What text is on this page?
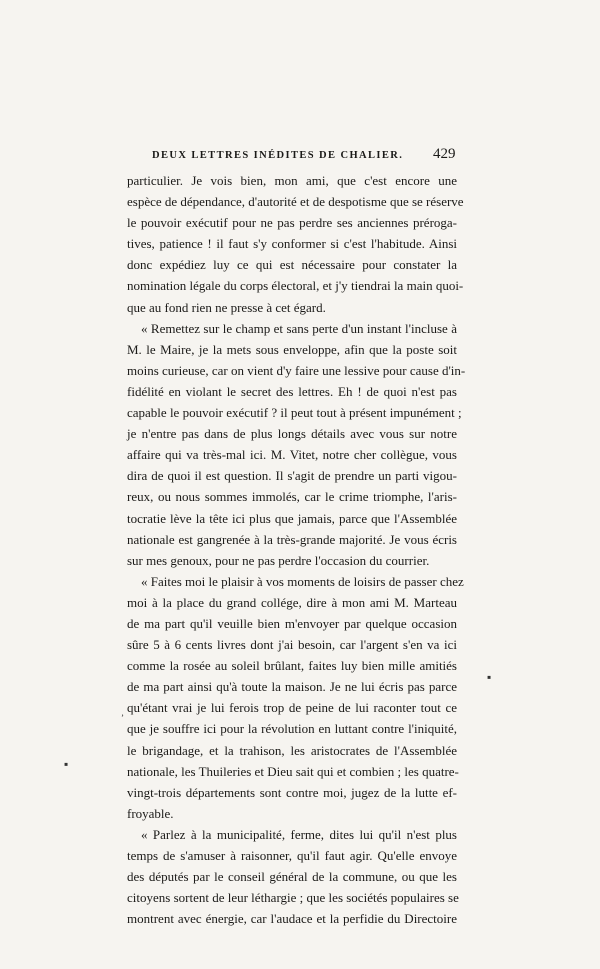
DEUX LETTRES INÉDITES DE CHALIER. 429
particulier. Je vois bien, mon ami, que c'est encore une
espèce de dépendance, d'autorité et de despotisme que se réserve
le pouvoir exécutif pour ne pas perdre ses anciennes préroga-
tives, patience ! il faut s'y conformer si c'est l'habitude. Ainsi
donc expédiez luy ce qui est nécessaire pour constater la
nomination légale du corps électoral, et j'y tiendrai la main quoi-
que au fond rien ne presse à cet égard.
« Remettez sur le champ et sans perte d'un instant l'incluse à
M. le Maire, je la mets sous enveloppe, afin que la poste soit
moins curieuse, car on vient d'y faire une lessive pour cause d'in-
fidélité en violant le secret des lettres. Eh ! de quoi n'est pas
capable le pouvoir exécutif ? il peut tout à présent impunément ;
je n'entre pas dans de plus longs détails avec vous sur notre
affaire qui va très-mal ici. M. Vitet, notre cher collègue, vous
dira de quoi il est question. Il s'agit de prendre un parti vigou-
reux, ou nous sommes immolés, car le crime triomphe, l'aris-
tocratie lève la tête ici plus que jamais, parce que l'Assemblée
nationale est gangrenée à la très-grande majorité. Je vous écris
sur mes genoux, pour ne pas perdre l'occasion du courrier.
« Faites moi le plaisir à vos moments de loisirs de passer chez
moi à la place du grand collége, dire à mon ami M. Marteau
de ma part qu'il veuille bien m'envoyer par quelque occasion
sûre 5 à 6 cents livres dont j'ai besoin, car l'argent s'en va ici
comme la rosée au soleil brûlant, faites luy bien mille amitiés
de ma part ainsi qu'à toute la maison. Je ne lui écris pas parce
qu'étant vrai je lui ferois trop de peine de lui raconter tout ce
que je souffre ici pour la révolution en luttant contre l'iniquité,
le brigandage, et la trahison, les aristocrates de l'Assemblée
nationale, les Thuileries et Dieu sait qui et combien ; les quatre-
vingt-trois départements sont contre moi, jugez de la lutte ef-
froyable.
« Parlez à la municipalité, ferme, dites lui qu'il n'est plus
temps de s'amuser à raisonner, qu'il faut agir. Qu'elle envoye
des députés par le conseil général de la commune, ou que les
citoyens sortent de leur léthargie ; que les sociétés populaires se
montrent avec énergie, car l'audace et la perfidie du Directoire
▪
ʼ
▪
